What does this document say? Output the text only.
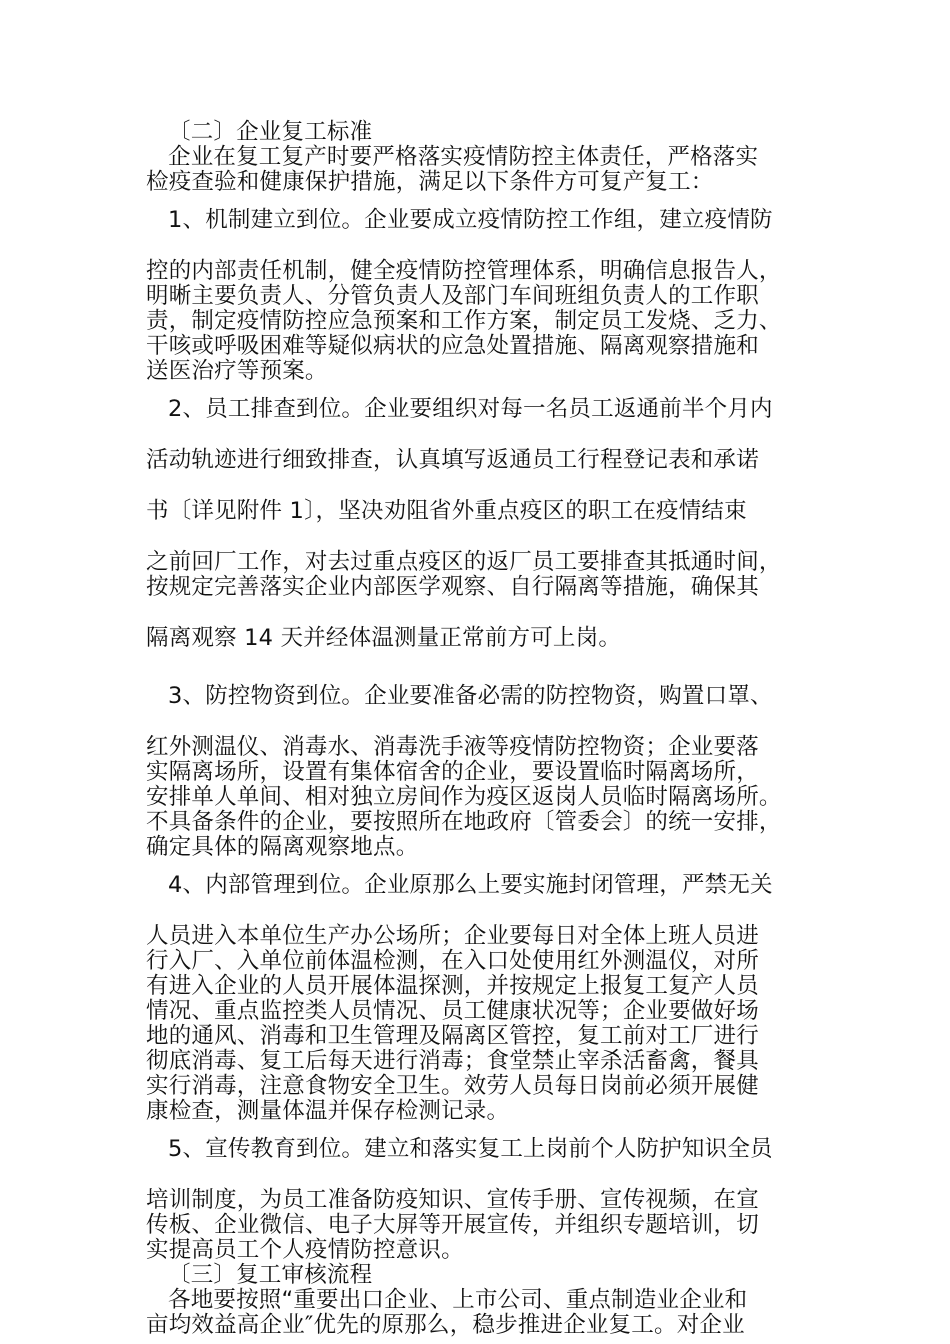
〔二〕企业复工标准
企业在复工复产时要严格落实疫情防控主体责任，严格落实
检疫查验和健康保护措施，满足以下条件方可复产复工：
1、机制建立到位。企业要成立疫情防控工作组，建立疫情防
控的内部责任机制，健全疫情防控管理体系，明确信息报告人，
明晰主要负责人、分管负责人及部门车间班组负责人的工作职
责，制定疫情防控应急预案和工作方案，制定员工发烧、乏力、
干咳或呼吸困难等疑似病状的应急处置措施、隔离观察措施和
送医治疗等预案。
2、员工排查到位。企业要组织对每一名员工返通前半个月内
活动轨迹进行细致排查，认真填写返通员工行程登记表和承诺
书〔详见附件 1〕，坚决劝阻省外重点疫区的职工在疫情结束
之前回厂工作，对去过重点疫区的返厂员工要排查其抵通时间，
按规定完善落实企业内部医学观察、自行隔离等措施，确保其
隔离观察 14 天并经体温测量正常前方可上岗。
3、防控物资到位。企业要准备必需的防控物资，购置口罩、
红外测温仪、消毒水、消毒洗手液等疫情防控物资；企业要落
实隔离场所，设置有集体宿舍的企业，要设置临时隔离场所，
安排单人单间、相对独立房间作为疫区返岗人员临时隔离场所。
不具备条件的企业，要按照所在地政府〔管委会〕的统一安排，
确定具体的隔离观察地点。
4、内部管理到位。企业原那么上要实施封闭管理，严禁无关
人员进入本单位生产办公场所；企业要每日对全体上班人员进
行入厂、入单位前体温检测，在入口处使用红外测温仪，对所
有进入企业的人员开展体温探测，并按规定上报复工复产人员
情况、重点监控类人员情况、员工健康状况等；企业要做好场
地的通风、消毒和卫生管理及隔离区管控，复工前对工厂进行
彻底消毒、复工后每天进行消毒；食堂禁止宰杀活畜禽，餐具
实行消毒，注意食物安全卫生。效劳人员每日岗前必须开展健
康检查，测量体温并保存检测记录。
5、宣传教育到位。建立和落实复工上岗前个人防护知识全员
培训制度，为员工准备防疫知识、宣传手册、宣传视频，在宣
传板、企业微信、电子大屏等开展宣传，并组织专题培训，切
实提高员工个人疫情防控意识。
〔三〕复工审核流程
各地要按照“重要出口企业、上市公司、重点制造业企业和
亩均效益高企业″优先的原那么，稳步推进企业复工。对企业
